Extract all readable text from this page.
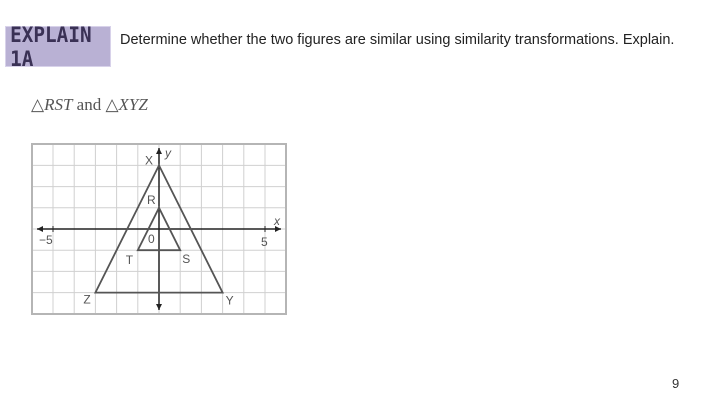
EXPLAIN 1A
Determine whether the two figures are similar using similarity transformations. Explain.
△RST and △XYZ
x
y
0
−5	5
X
R
S
T
Z	Y
9
